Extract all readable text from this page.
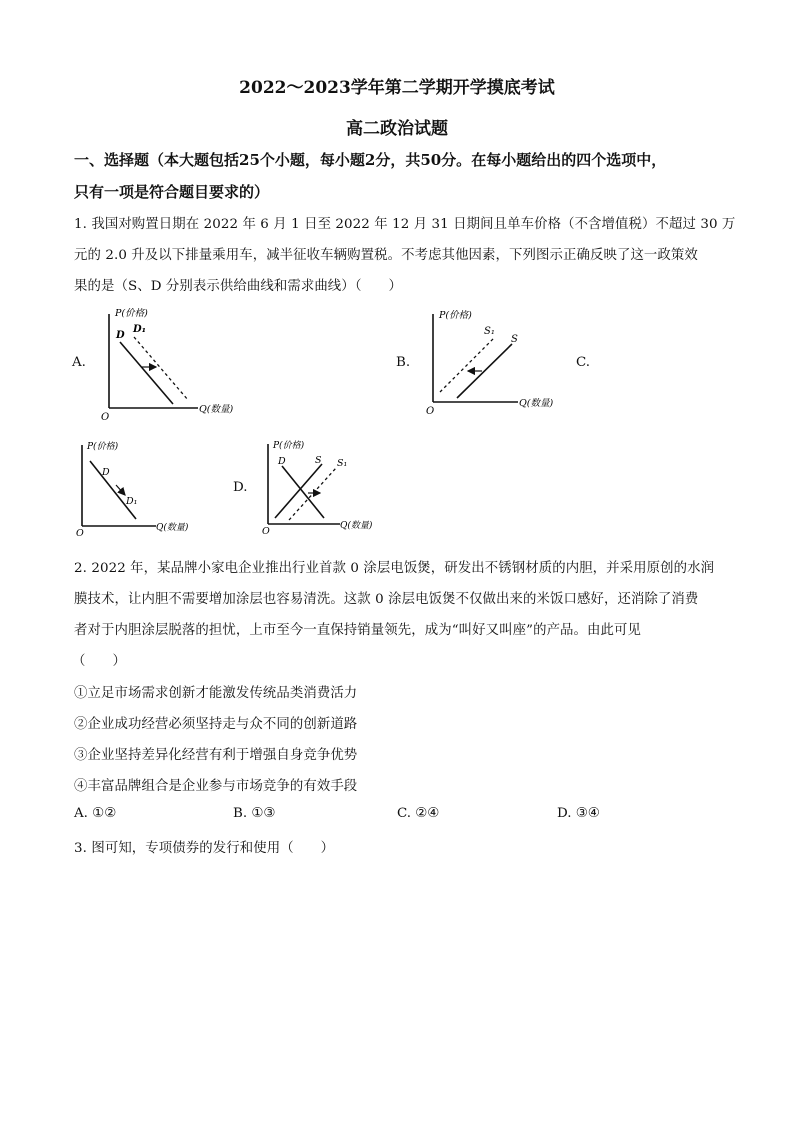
2022～2023学年第二学期开学摸底考试
高二政治试题
一、选择题（本大题包括25个小题，每小题2分，共50分。在每小题给出的四个选项中，
只有一项是符合题目要求的）
1. 我国对购置日期在 2022 年 6 月 1 日至 2022 年 12 月 31 日期间且单车价格（不含增值税）不超过 30 万
元的 2.0 升及以下排量乘用车，减半征收车辆购置税。不考虑其他因素，下列图示正确反映了这一政策效
果的是（S、D 分别表示供给曲线和需求曲线）（　　）
A.
P(价格)
Q(数量)
O
D
D₁
B.
P(价格)
Q(数量)
O
S₁
S
C.
P(价格)
Q(数量)
O
D
D₁
D.
P(价格)
Q(数量)
O
D	S S₁
2. 2022 年，某品牌小家电企业推出行业首款 0 涂层电饭煲，研发出不锈钢材质的内胆，并采用原创的水润
膜技术，让内胆不需要增加涂层也容易清洗。这款 0 涂层电饭煲不仅做出来的米饭口感好，还消除了消费
者对于内胆涂层脱落的担忧，上市至今一直保持销量领先，成为“叫好又叫座”的产品。由此可见
（　　）
①立足市场需求创新才能激发传统品类消费活力
②企业成功经营必须坚持走与众不同的创新道路
③企业坚持差异化经营有利于增强自身竞争优势
④丰富品牌组合是企业参与市场竞争的有效手段
A. ①②	B. ①③	C. ②④	D. ③④
3. 图可知，专项债券的发行和使用（　　）
